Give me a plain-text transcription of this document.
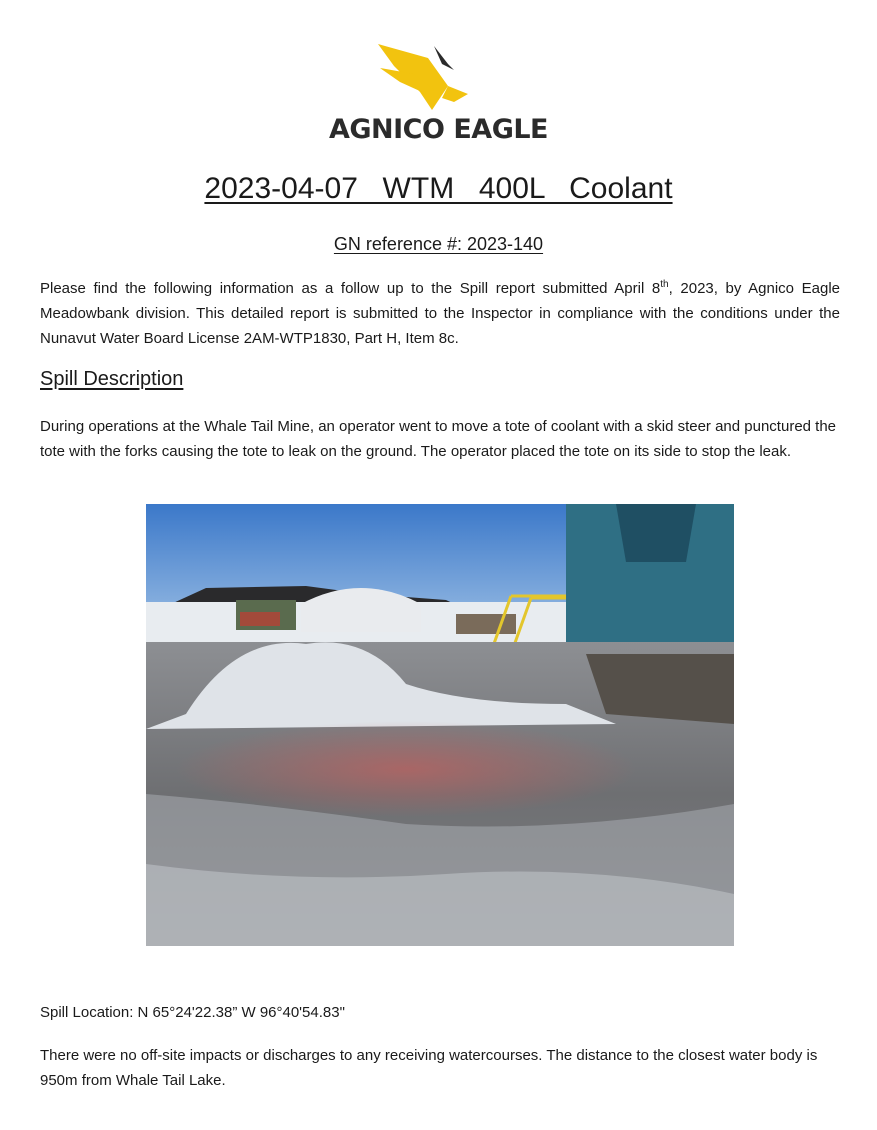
AGNICO EAGLE
2023-04-07  WTM  400L  Coolant
GN reference #: 2023-140

Please find the following information as a follow up to the Spill report submitted April 8th, 2023, by Agnico Eagle Meadowbank division. This detailed report is submitted to the Inspector in compliance with the conditions under the Nunavut Water Board License 2AM-WTP1830, Part H, Item 8c.

Spill Description

During operations at the Whale Tail Mine, an operator went to move a tote of coolant with a skid steer and punctured the tote with the forks causing the tote to leak on the ground. The operator placed the tote on its side to stop the leak.

Spill Location: N 65°24'22.38” W 96°40'54.83"

There were no off-site impacts or discharges to any receiving watercourses. The distance to the closest water body is 950m from Whale Tail Lake.
